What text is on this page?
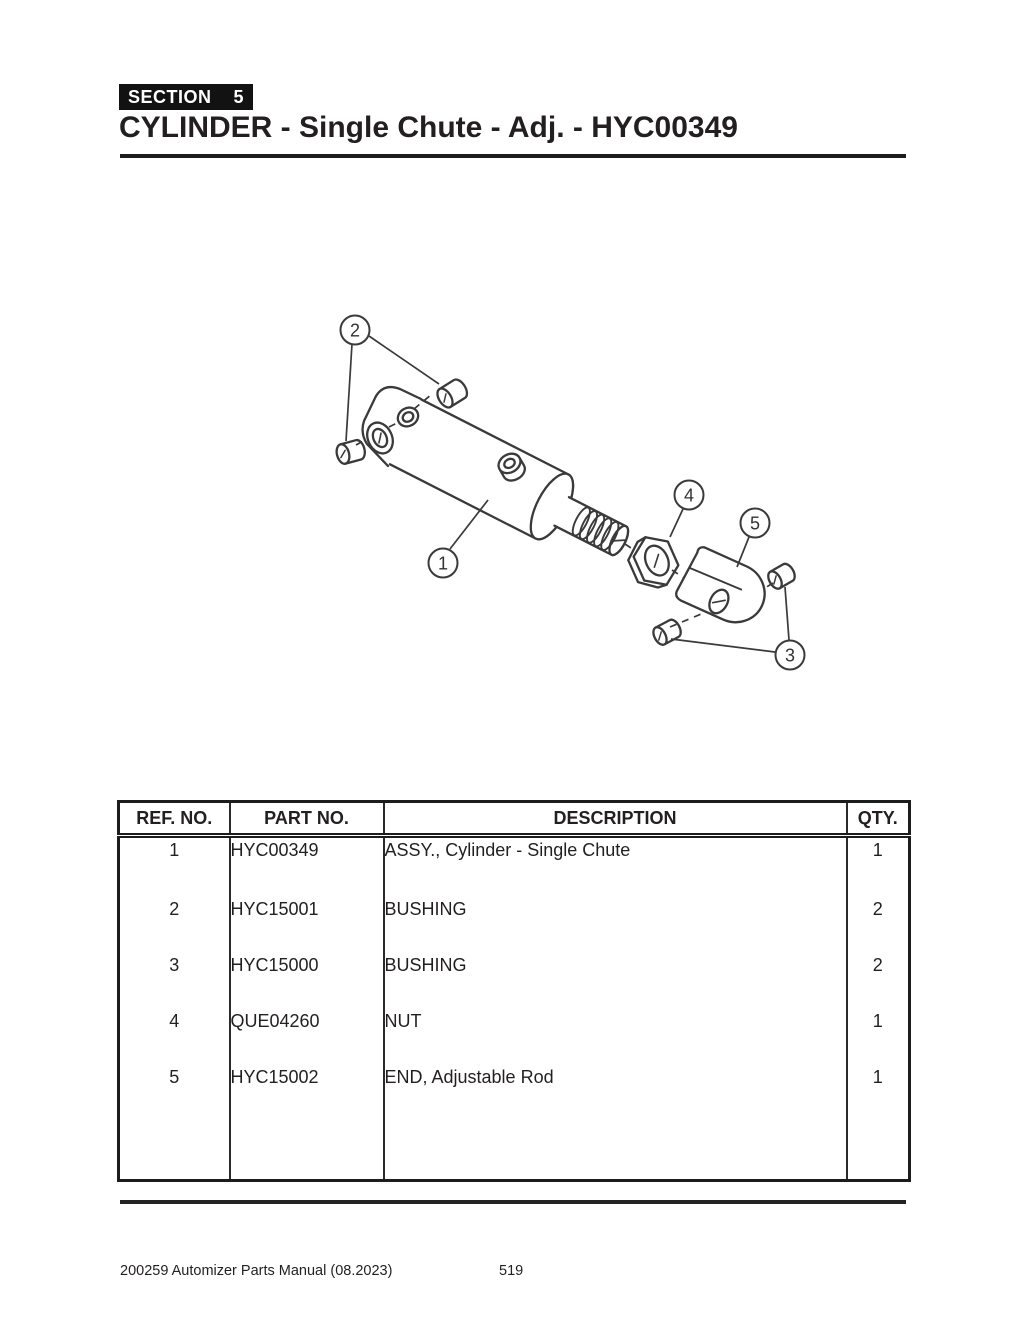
SECTION 5
CYLINDER - Single Chute - Adj. - HYC00349
2
1
4
5
3
REF. NO.	PART NO.	DESCRIPTION	QTY.
1	HYC00349	ASSY., Cylinder - Single Chute	1
2	HYC15001	BUSHING	2
3	HYC15000	BUSHING	2
4	QUE04260	NUT	1
5	HYC15002	END, Adjustable Rod	1

200259 Automizer Parts Manual (08.2023)	519
